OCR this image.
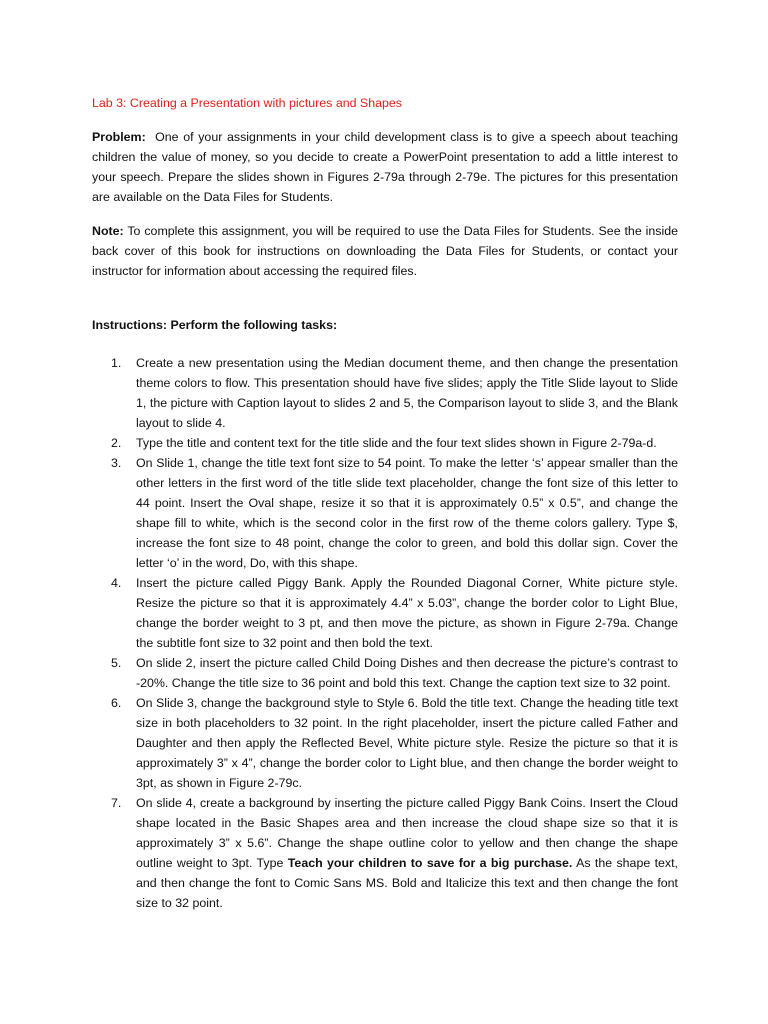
Lab 3: Creating a Presentation with pictures and Shapes
Problem: One of your assignments in your child development class is to give a speech about teaching children the value of money, so you decide to create a PowerPoint presentation to add a little interest to your speech. Prepare the slides shown in Figures 2-79a through 2-79e. The pictures for this presentation are available on the Data Files for Students.
Note: To complete this assignment, you will be required to use the Data Files for Students. See the inside back cover of this book for instructions on downloading the Data Files for Students, or contact your instructor for information about accessing the required files.
Instructions: Perform the following tasks:
1. Create a new presentation using the Median document theme, and then change the presentation theme colors to flow. This presentation should have five slides; apply the Title Slide layout to Slide 1, the picture with Caption layout to slides 2 and 5, the Comparison layout to slide 3, and the Blank layout to slide 4.
2. Type the title and content text for the title slide and the four text slides shown in Figure 2-79a-d.
3. On Slide 1, change the title text font size to 54 point. To make the letter ‘s’ appear smaller than the other letters in the first word of the title slide text placeholder, change the font size of this letter to 44 point. Insert the Oval shape, resize it so that it is approximately 0.5” x 0.5”, and change the shape fill to white, which is the second color in the first row of the theme colors gallery. Type $, increase the font size to 48 point, change the color to green, and bold this dollar sign. Cover the letter ‘o’ in the word, Do, with this shape.
4. Insert the picture called Piggy Bank. Apply the Rounded Diagonal Corner, White picture style. Resize the picture so that it is approximately 4.4” x 5.03”, change the border color to Light Blue, change the border weight to 3 pt, and then move the picture, as shown in Figure 2-79a. Change the subtitle font size to 32 point and then bold the text.
5. On slide 2, insert the picture called Child Doing Dishes and then decrease the picture’s contrast to -20%. Change the title size to 36 point and bold this text. Change the caption text size to 32 point.
6. On Slide 3, change the background style to Style 6. Bold the title text. Change the heading title text size in both placeholders to 32 point. In the right placeholder, insert the picture called Father and Daughter and then apply the Reflected Bevel, White picture style. Resize the picture so that it is approximately 3” x 4”, change the border color to Light blue, and then change the border weight to 3pt, as shown in Figure 2-79c.
7. On slide 4, create a background by inserting the picture called Piggy Bank Coins. Insert the Cloud shape located in the Basic Shapes area and then increase the cloud shape size so that it is approximately 3” x 5.6”. Change the shape outline color to yellow and then change the shape outline weight to 3pt. Type Teach your children to save for a big purchase. As the shape text, and then change the font to Comic Sans MS. Bold and Italicize this text and then change the font size to 32 point.
